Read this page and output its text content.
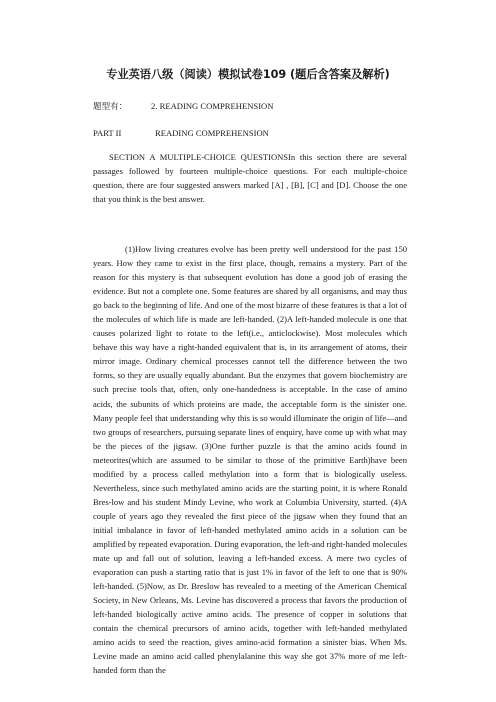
专业英语八级（阅读）模拟试卷109 (题后含答案及解析)
题型有：	2. READING COMPREHENSION
PART II	READING COMPREHENSION

SECTION A MULTIPLE-CHOICE QUESTIONSIn this section there are several passages followed by fourteen multiple-choice questions. For each multiple-choice question, there are four suggested answers marked [A] , [B], [C] and [D]. Choose the one that you think is the best answer.

(1)How living creatures evolve has been pretty well understood for the past 150 years. How they came to exist in the first place, though, remains a mystery. Part of the reason for this mystery is that subsequent evolution has done a good job of erasing the evidence. But not a complete one. Some features are shared by all organisms, and may thus go back to the beginning of life. And one of the most bizarre of these features is that a lot of the molecules of which life is made are left-handed. (2)A left-handed molecule is one that causes polarized light to rotate to the left(i.e., anticlockwise). Most molecules which behave this way have a right-handed equivalent that is, in its arrangement of atoms, their mirror image. Ordinary chemical processes cannot tell the difference between the two forms, so they are usually equally abundant. But the enzymes that govern biochemistry are such precise tools that, often, only one-handedness is acceptable. In the case of amino acids, the subunits of which proteins are made, the acceptable form is the sinister one. Many people feel that understanding why this is so would illuminate the origin of life—and two groups of researchers, pursuing separate lines of enquiry, have come up with what may be the pieces of the jigsaw. (3)One further puzzle is that the amino acids found in meteorites(which are assumed to be similar to those of the primitive Earth)have been modified by a process called methylation into a form that is biologically useless. Nevertheless, since such methylated amino acids are the starting point, it is where Ronald Bres-low and his student Mindy Levine, who work at Columbia University, started. (4)A couple of years ago they revealed the first piece of the jigsaw when they found that an initial imbalance in favor of left-handed methylated amino acids in a solution can be amplified by repeated evaporation. During evaporation, the left-and right-handed molecules mate up and fall out of solution, leaving a left-handed excess. A mere two cycles of evaporation can push a starting ratio that is just 1% in favor of the left to one that is 90% left-handed. (5)Now, as Dr. Breslow has revealed to a meeting of the American Chemical Society, in New Orleans, Ms. Levine has discovered a process that favors the production of left-handed biologically active amino acids. The presence of copper in solutions that contain the chemical precursors of amino acids, together with left-handed methylated amino acids to seed the reaction, gives amino-acid formation a sinister bias. When Ms. Levine made an amino acid called phenylalanine this way she got 37% more of me left-handed form than the
